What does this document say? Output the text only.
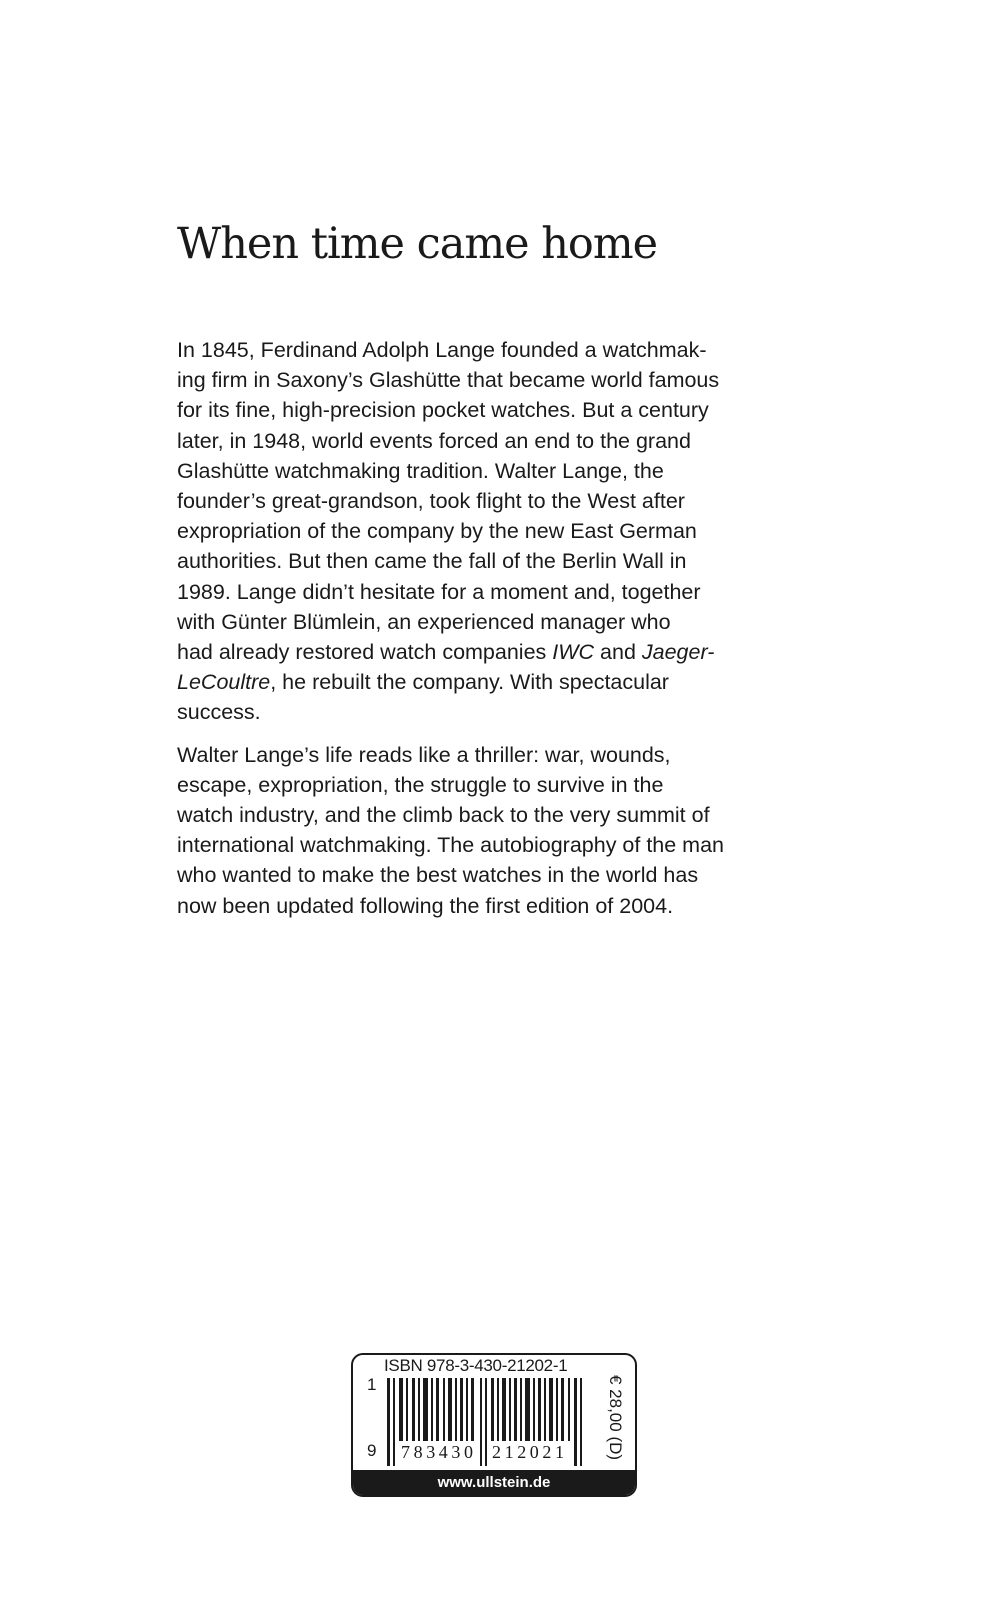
When time came home

In 1845, Ferdinand Adolph Lange founded a watchmak-
ing firm in Saxony’s Glashütte that became world famous
for its fine, high-precision pocket watches. But a century
later, in 1948, world events forced an end to the grand
Glashütte watchmaking tradition. Walter Lange, the
founder’s great-grandson, took flight to the West after
expropriation of the company by the new East German
authorities. But then came the fall of the Berlin Wall in
1989. Lange didn’t hesitate for a moment and, together
with Günter Blümlein, an experienced manager who
had already restored watch companies IWC and Jaeger-
LeCoultre, he rebuilt the company. With spectacular
success.

Walter Lange’s life reads like a thriller: war, wounds,
escape, expropriation, the struggle to survive in the
watch industry, and the climb back to the very summit of
international watchmaking. The autobiography of the man
who wanted to make the best watches in the world has
now been updated following the first edition of 2004.

ISBN 978-3-430-21202-1
1
9 783430 212021 € 28,00 (D)
www.ullstein.de
